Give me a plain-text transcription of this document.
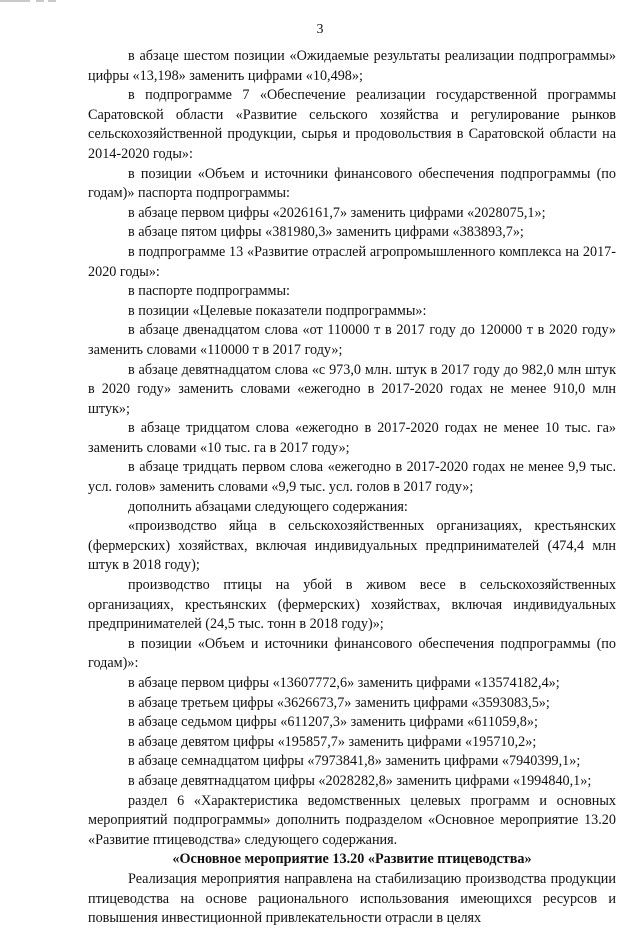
3

в абзаце шестом позиции «Ожидаемые результаты реализации подпрограммы» цифры «13,198» заменить цифрами «10,498»;

в подпрограмме 7 «Обеспечение реализации государственной программы Саратовской области «Развитие сельского хозяйства и регулирование рынков сельскохозяйственной продукции, сырья и продовольствия в Саратовской области на 2014-2020 годы»:

в позиции «Объем и источники финансового обеспечения подпрограммы (по годам)» паспорта подпрограммы:

в абзаце первом цифры «2026161,7» заменить цифрами «2028075,1»;

в абзаце пятом цифры «381980,3» заменить цифрами «383893,7»;

в подпрограмме 13 «Развитие отраслей агропромышленного комплекса на 2017-2020 годы»:

в паспорте подпрограммы:

в позиции «Целевые показатели подпрограммы»:

в абзаце двенадцатом слова «от 110000 т в 2017 году до 120000 т в 2020 году» заменить словами «110000 т в 2017 году»;

в абзаце девятнадцатом слова «с 973,0 млн. штук в 2017 году до 982,0 млн штук в 2020 году» заменить словами «ежегодно в 2017-2020 годах не менее 910,0 млн штук»;

в абзаце тридцатом слова «ежегодно в 2017-2020 годах не менее 10 тыс. га» заменить словами «10 тыс. га в 2017 году»;

в абзаце тридцать первом слова «ежегодно в 2017-2020 годах не менее 9,9 тыс. усл. голов» заменить словами «9,9 тыс. усл. голов в 2017 году»;

дополнить абзацами следующего содержания:

«производство яйца в сельскохозяйственных организациях, крестьянских (фермерских) хозяйствах, включая индивидуальных предпринимателей (474,4 млн штук в 2018 году);

производство птицы на убой в живом весе в сельскохозяйственных организациях, крестьянских (фермерских) хозяйствах, включая индивидуальных предпринимателей (24,5 тыс. тонн в 2018 году)»;

в позиции «Объем и источники финансового обеспечения подпрограммы (по годам)»:

в абзаце первом цифры «13607772,6» заменить цифрами «13574182,4»;

в абзаце третьем цифры «3626673,7» заменить цифрами «3593083,5»;

в абзаце седьмом цифры «611207,3» заменить цифрами «611059,8»;

в абзаце девятом цифры «195857,7» заменить цифрами «195710,2»;

в абзаце семнадцатом цифры «7973841,8» заменить цифрами «7940399,1»;

в абзаце девятнадцатом цифры «2028282,8» заменить цифрами «1994840,1»;

раздел 6 «Характеристика ведомственных целевых программ и основных мероприятий подпрограммы» дополнить подразделом «Основное мероприятие 13.20 «Развитие птицеводства» следующего содержания.

«Основное мероприятие 13.20 «Развитие птицеводства»

Реализация мероприятия направлена на стабилизацию производства продукции птицеводства на основе рационального использования имеющихся ресурсов и повышения инвестиционной привлекательности отрасли в целях
